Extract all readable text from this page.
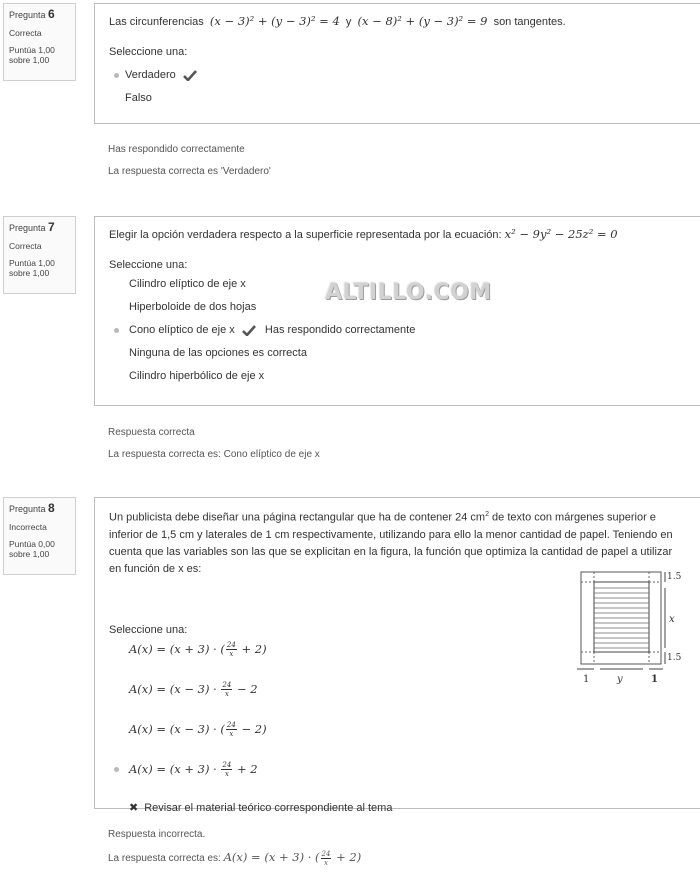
Pregunta 6
Correcta
Puntúa 1,00
sobre 1,00
Las circunferencias (x − 3)² + (y − 3)² = 4 y (x − 8)² + (y − 3)² = 9 son tangentes.
Seleccione una:
Verdadero
Falso
Has respondido correctamente
La respuesta correcta es 'Verdadero'
Pregunta 7
Correcta
Puntúa 1,00
sobre 1,00
Elegir la opción verdadera respecto a la superficie representada por la ecuación: x² − 9y² − 25z² = 0
Seleccione una:
Cilindro elíptico de eje x
Hiperboloide de dos hojas
Cono elíptico de eje x	Has respondido correctamente
Ninguna de las opciones es correcta
Cilindro hiperbólico de eje x
Respuesta correcta
La respuesta correcta es: Cono elíptico de eje x
ALTILLO.COM
Pregunta 8
Incorrecta
Puntúa 0,00
sobre 1,00
Un publicista debe diseñar una página rectangular que ha de contener 24 $cm^2$ de texto con márgenes superior e inferior de 1,5 cm y laterales de 1 cm respectivamente, utilizando para ello la menor cantidad de papel. Teniendo en cuenta que las variables son las que se explicitan en la figura, la función que optimiza la cantidad de papel a utilizar en función de x es:
1.5
x
1.5
1	y	1
Seleccione una:
A(x) = (x + 3) · ( $\frac{24}{x} + 2$)
$A(x) = (x - 3) \cdot \frac{24}{x} - 2$
A(x) = (x − 3) · ( $\frac{24}{x} - 2$)
$A(x) = (x + 3) \cdot \frac{24}{x} + 2$
✖ Revisar el material teórico correspondiente al tema
Respuesta incorrecta.
La respuesta correcta es: A(x) = (x + 3) · ( $\frac{24}{x} + 2$)
